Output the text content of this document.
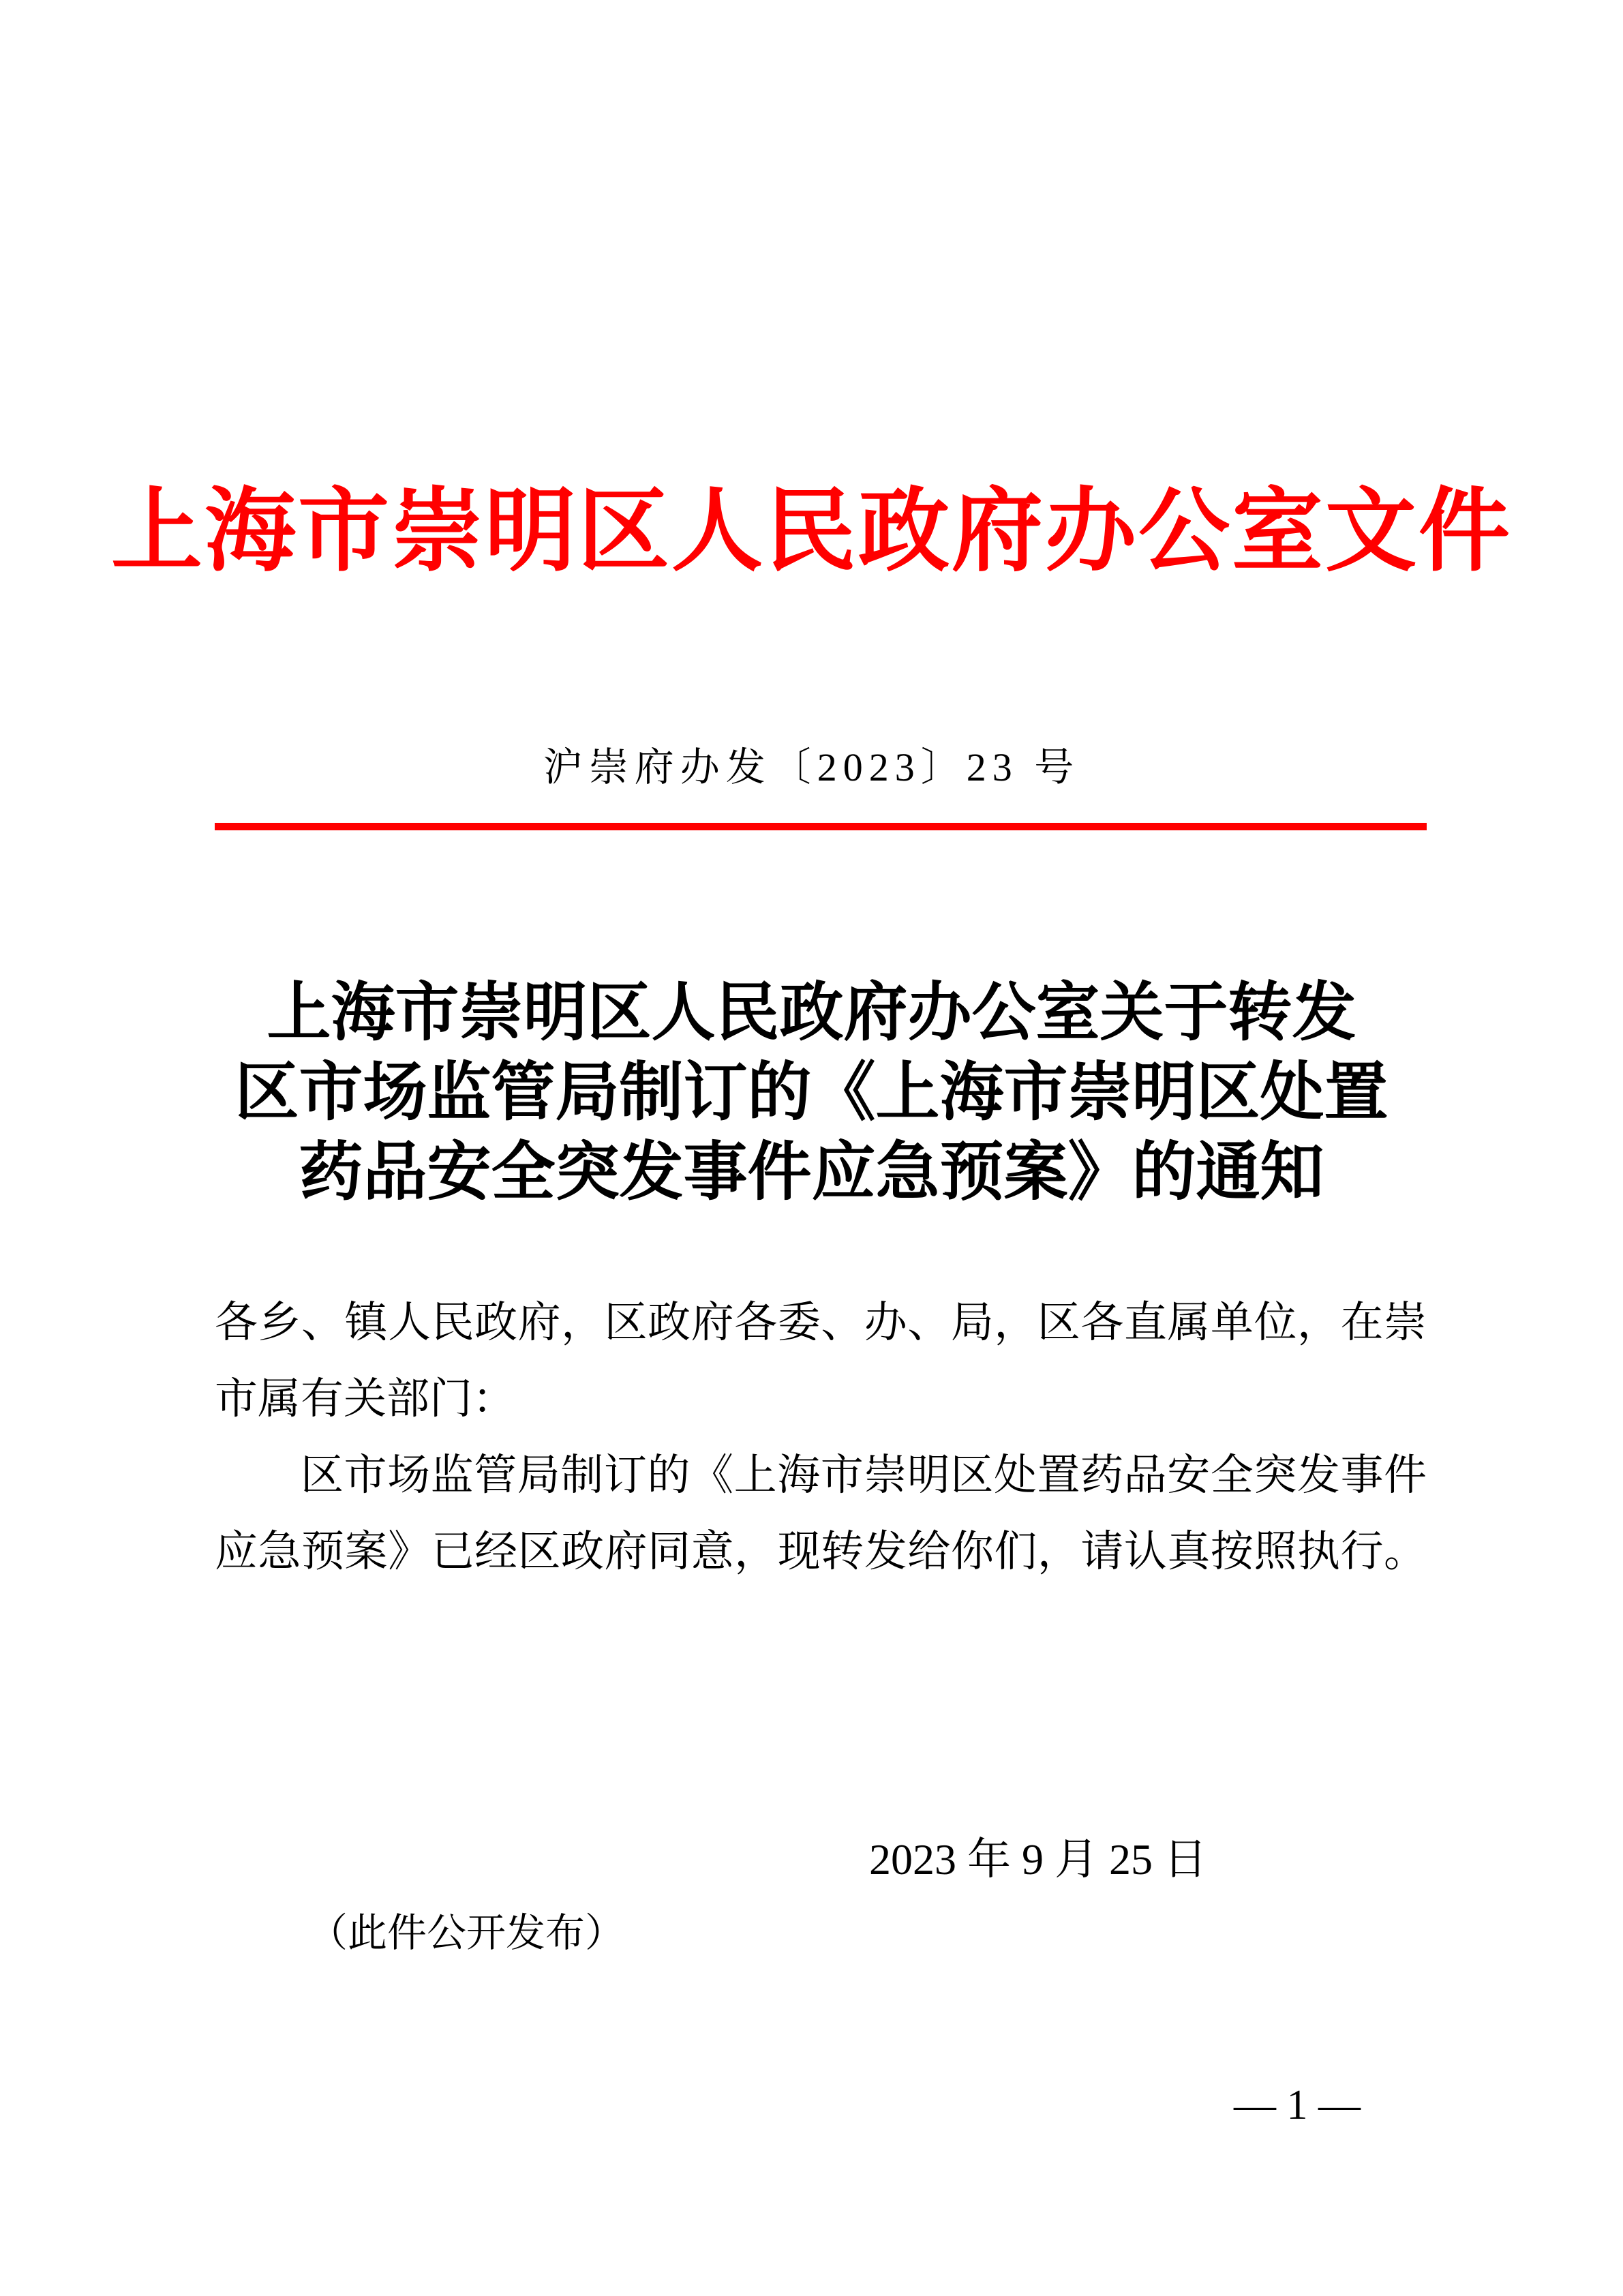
上海市崇明区人民政府办公室文件
沪崇府办发〔2023〕23 号
上海市崇明区人民政府办公室关于转发
区市场监管局制订的《上海市崇明区处置
药品安全突发事件应急预案》的通知
各乡、镇人民政府，区政府各委、办、局，区各直属单位，在崇
市属有关部门：
区市场监管局制订的《上海市崇明区处置药品安全突发事件
应急预案》已经区政府同意，现转发给你们，请认真按照执行。
2023 年 9 月 25 日
（此件公开发布）
— 1 —
